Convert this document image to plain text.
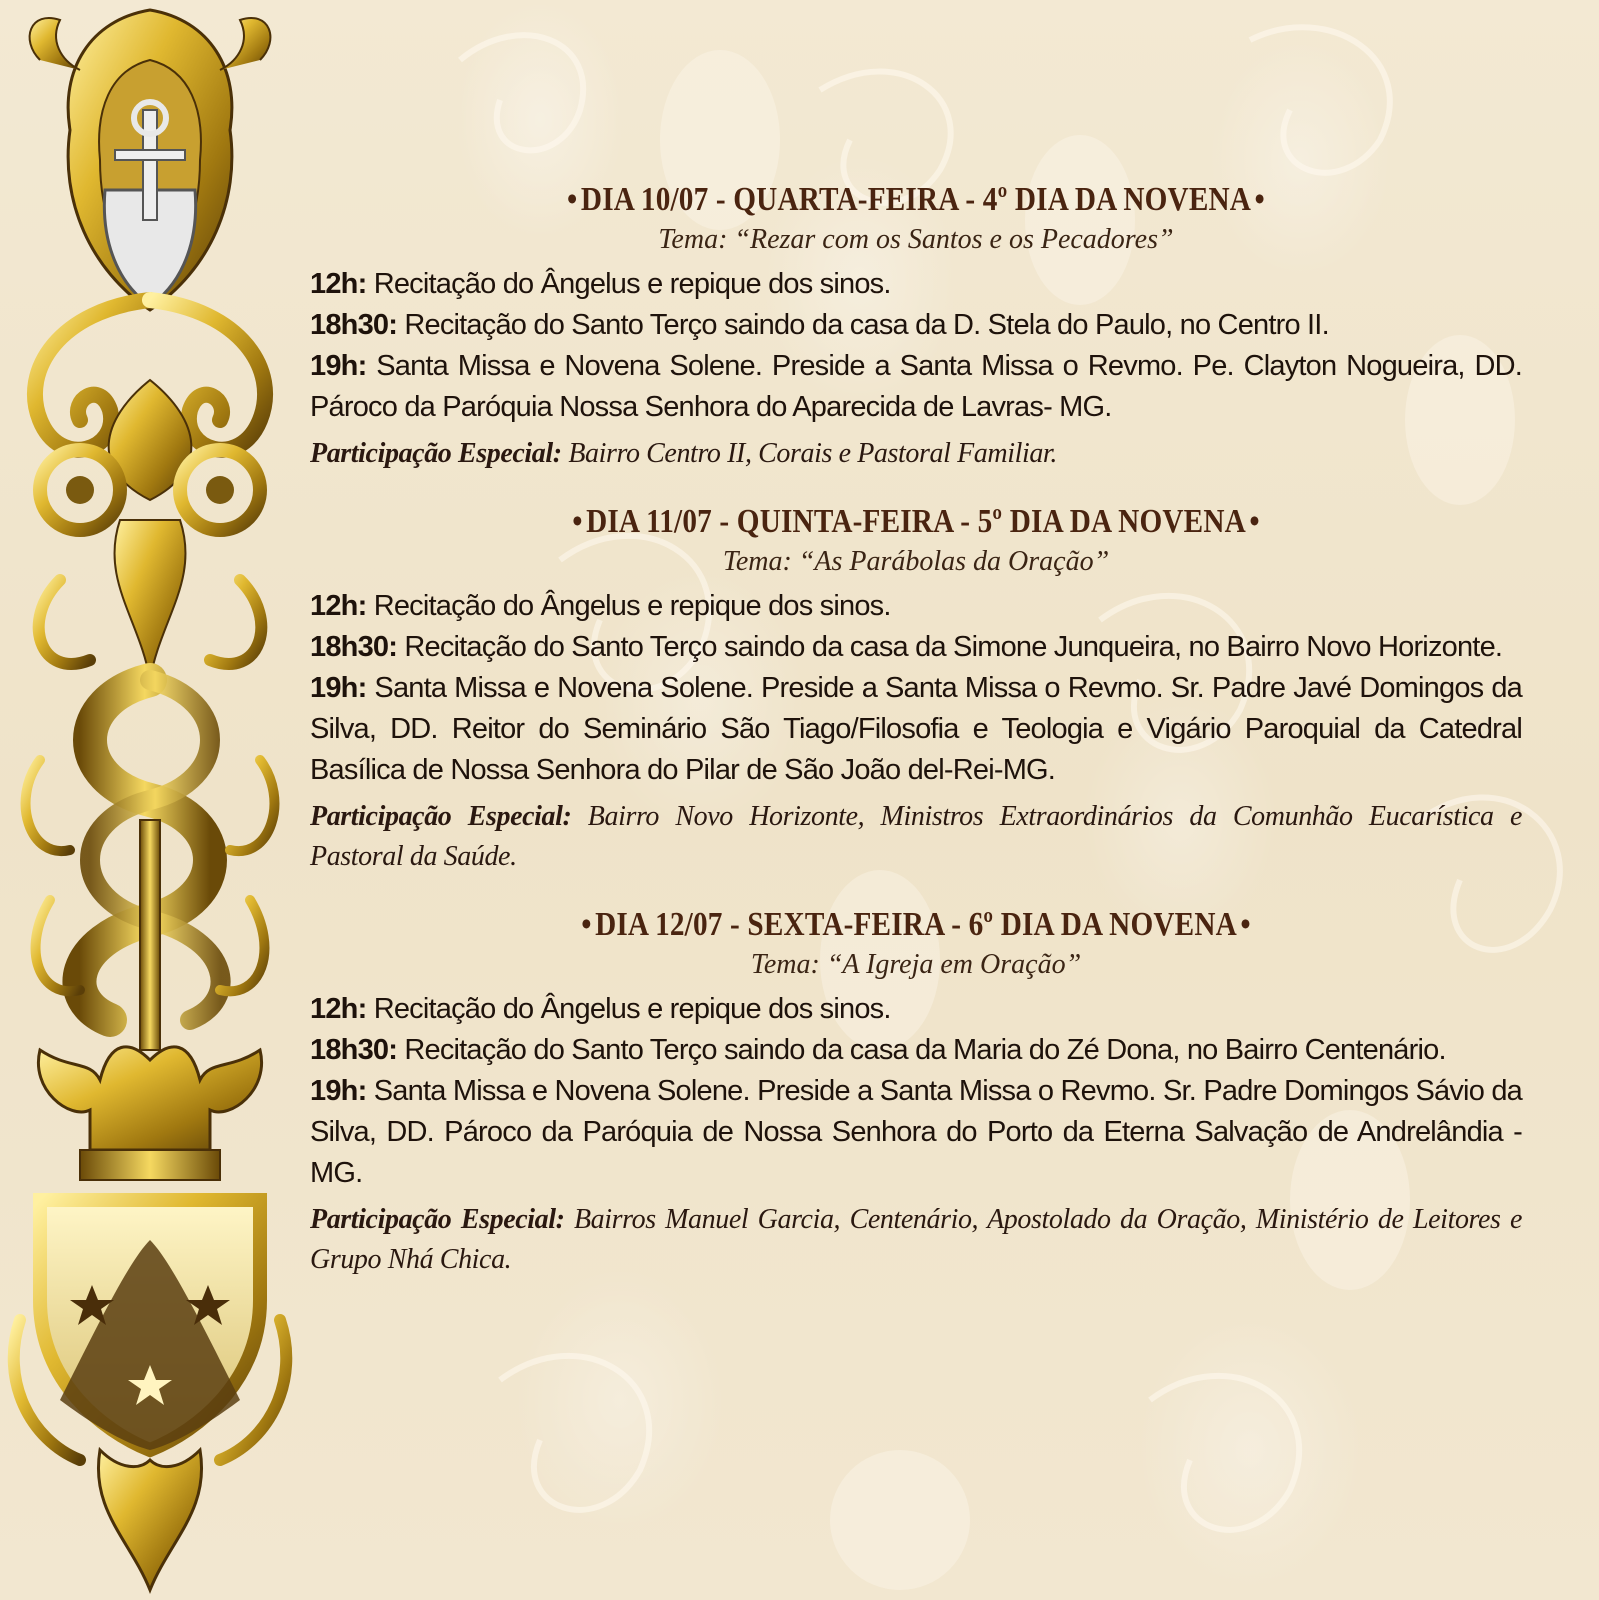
• DIA 10/07 - QUARTA-FEIRA - 4º DIA DA NOVENA •
Tema: “Rezar com os Santos e os Pecadores”
12h: Recitação do Ângelus e repique dos sinos.
18h30: Recitação do Santo Terço saindo da casa da D. Stela do Paulo, no Centro II.
19h: Santa Missa e Novena Solene. Preside a Santa Missa o Revmo. Pe. Clayton Nogueira, DD. Pároco da Paróquia Nossa Senhora do Aparecida de Lavras- MG.
Participação Especial: Bairro Centro II, Corais e Pastoral Familiar.
• DIA 11/07 - QUINTA-FEIRA - 5º DIA DA NOVENA •
Tema: “As Parábolas da Oração”
12h: Recitação do Ângelus e repique dos sinos.
18h30: Recitação do Santo Terço saindo da casa da Simone Junqueira, no Bairro Novo Horizonte.
19h: Santa Missa e Novena Solene. Preside a Santa Missa o Revmo. Sr. Padre Javé Domingos da Silva, DD. Reitor do Seminário São Tiago/Filosofia e Teologia e Vigário Paroquial da Catedral Basílica de Nossa Senhora do Pilar de São João del-Rei-MG.
Participação Especial: Bairro Novo Horizonte, Ministros Extraordinários da Comunhão Eucarística e Pastoral da Saúde.
• DIA 12/07 - SEXTA-FEIRA - 6º DIA DA NOVENA •
Tema: “A Igreja em Oração”
12h: Recitação do Ângelus e repique dos sinos.
18h30: Recitação do Santo Terço saindo da casa da Maria do Zé Dona, no Bairro Centenário.
19h: Santa Missa e Novena Solene. Preside a Santa Missa o Revmo. Sr. Padre Domingos Sávio da Silva, DD. Pároco da Paróquia de Nossa Senhora do Porto da Eterna Salvação de Andrelândia - MG.
Participação Especial: Bairros Manuel Garcia, Centenário, Apostolado da Oração, Ministério de Leitores e Grupo Nhá Chica.
